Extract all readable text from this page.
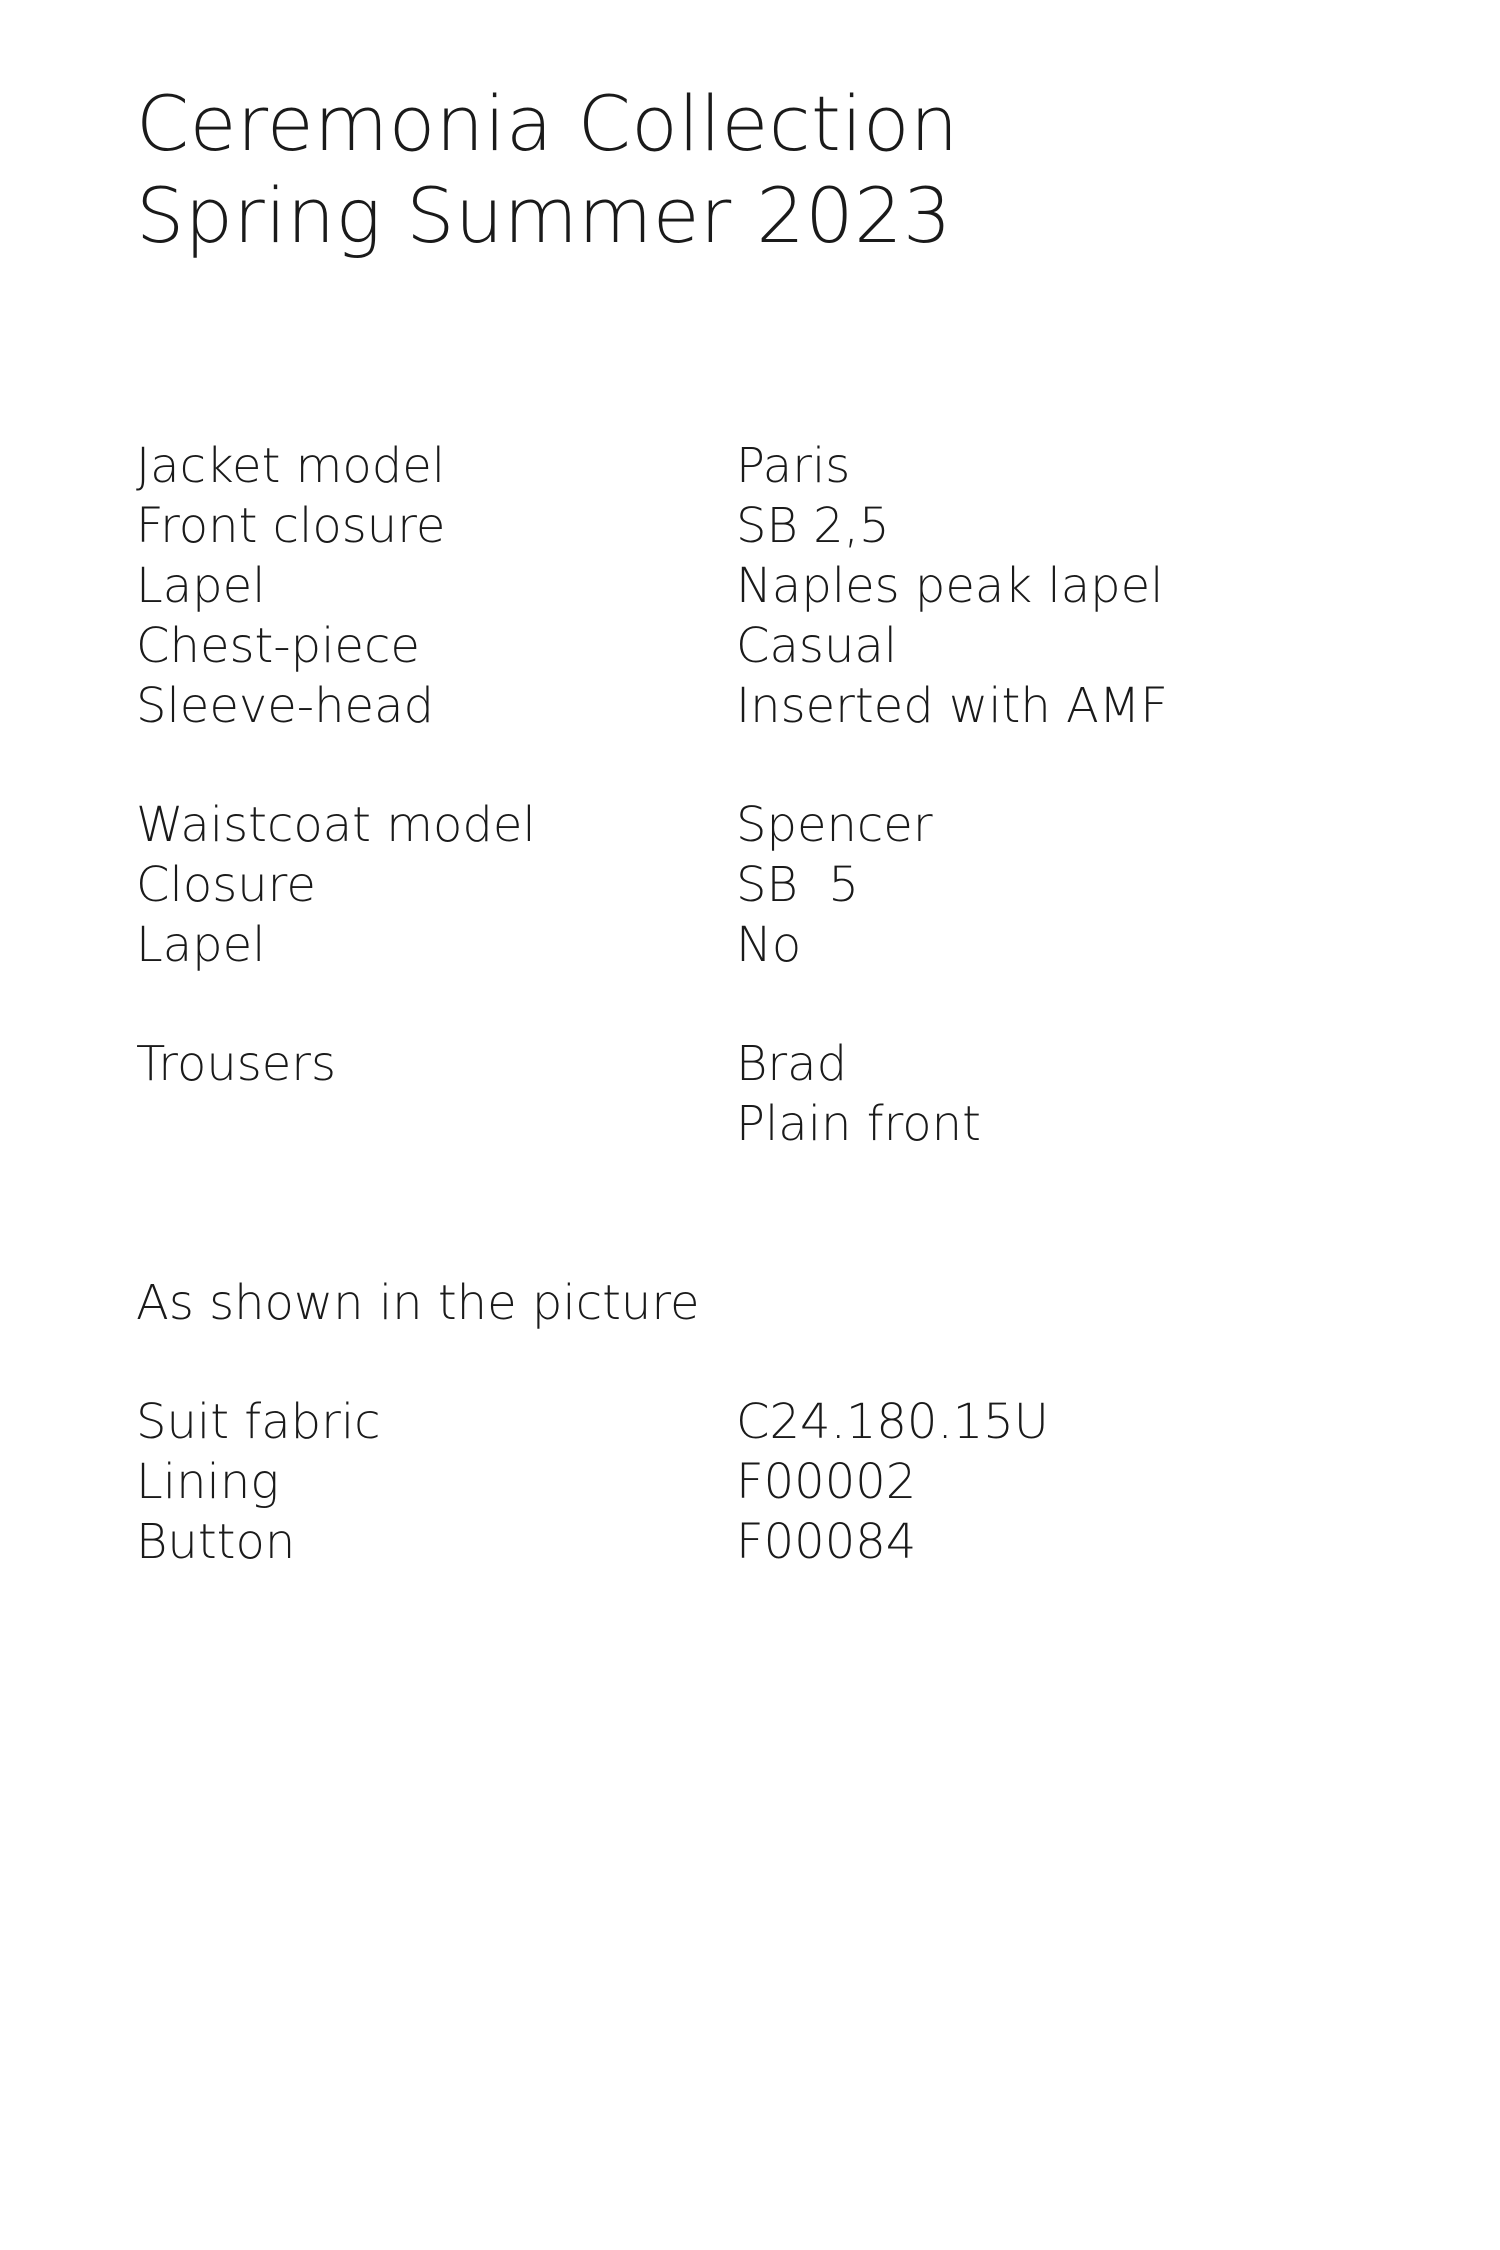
Ceremonia Collection
Spring Summer 2023
Jacket model	Paris
Front closure	SB 2,5
Lapel	Naples peak lapel
Chest-piece	Casual
Sleeve-head	Inserted with AMF
Waistcoat model	Spencer
Closure	SB  5
Lapel	No
Trousers	Brad
Plain front
As shown in the picture
Suit fabric	C24.180.15U
Lining	F00002
Button	F00084
